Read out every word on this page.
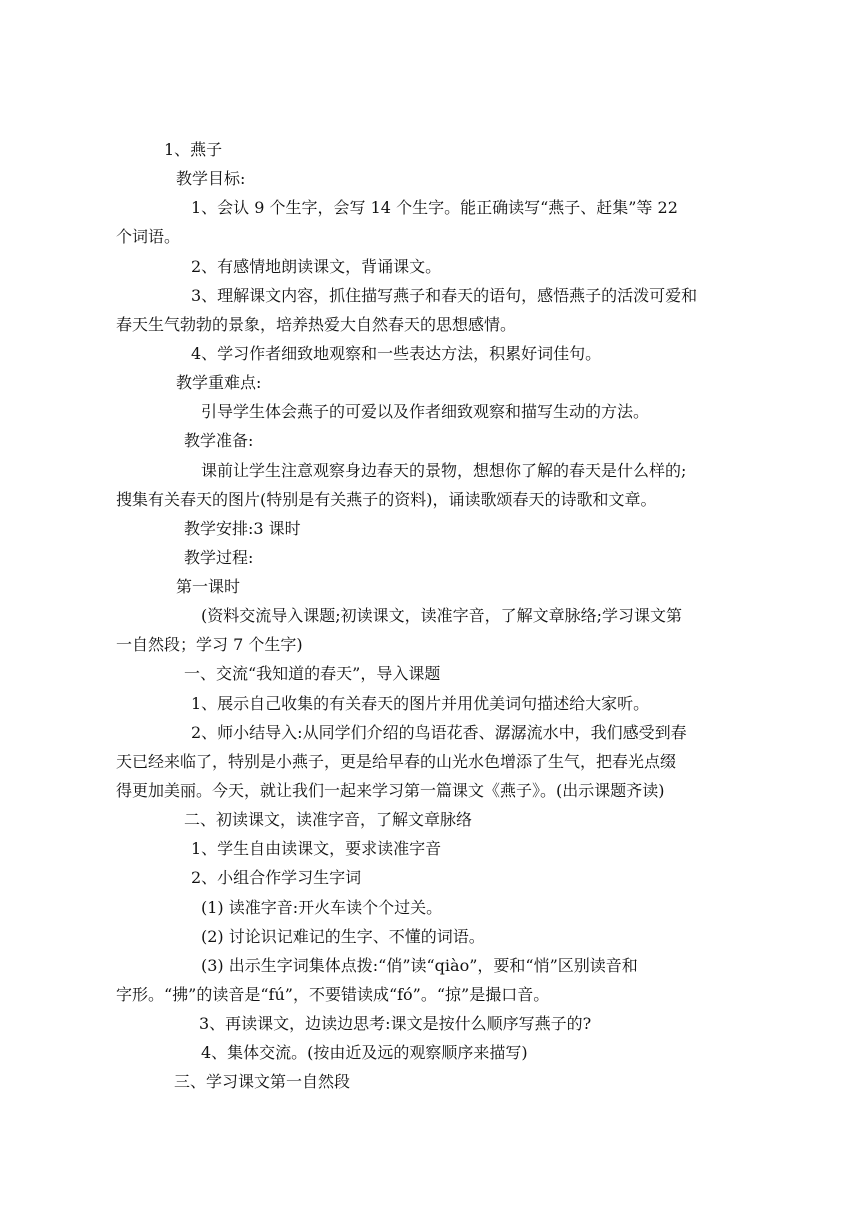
1、燕子
教学目标:
1、会认 9 个生字，会写 14 个生字。能正确读写“燕子、赶集”等 22
个词语。
2、有感情地朗读课文，背诵课文。
3、理解课文内容，抓住描写燕子和春天的语句，感悟燕子的活泼可爱和
春天生气勃勃的景象，培养热爱大自然春天的思想感情。
4、学习作者细致地观察和一些表达方法，积累好词佳句。
教学重难点:
引导学生体会燕子的可爱以及作者细致观察和描写生动的方法。
教学准备:
课前让学生注意观察身边春天的景物，想想你了解的春天是什么样的;
搜集有关春天的图片(特别是有关燕子的资料)，诵读歌颂春天的诗歌和文章。
教学安排:3 课时
教学过程:
第一课时
(资料交流导入课题;初读课文，读准字音，了解文章脉络;学习课文第
一自然段；学习 7 个生字)
一、交流“我知道的春天”，导入课题
1、展示自己收集的有关春天的图片并用优美词句描述给大家听。
2、师小结导入:从同学们介绍的鸟语花香、潺潺流水中，我们感受到春
天已经来临了，特别是小燕子，更是给早春的山光水色增添了生气，把春光点缀
得更加美丽。今天，就让我们一起来学习第一篇课文《燕子》。(出示课题齐读)
二、初读课文，读准字音，了解文章脉络
1、学生自由读课文，要求读准字音
2、小组合作学习生字词
(1) 读准字音:开火车读个个过关。
(2) 讨论识记难记的生字、不懂的词语。
(3) 出示生字词集体点拨:“俏”读“qiào”，要和“悄”区别读音和
字形。“拂”的读音是“fú”，不要错读成“fó”。“掠”是撮口音。
3、再读课文，边读边思考:课文是按什么顺序写燕子的?
4、集体交流。(按由近及远的观察顺序来描写)
三、学习课文第一自然段
